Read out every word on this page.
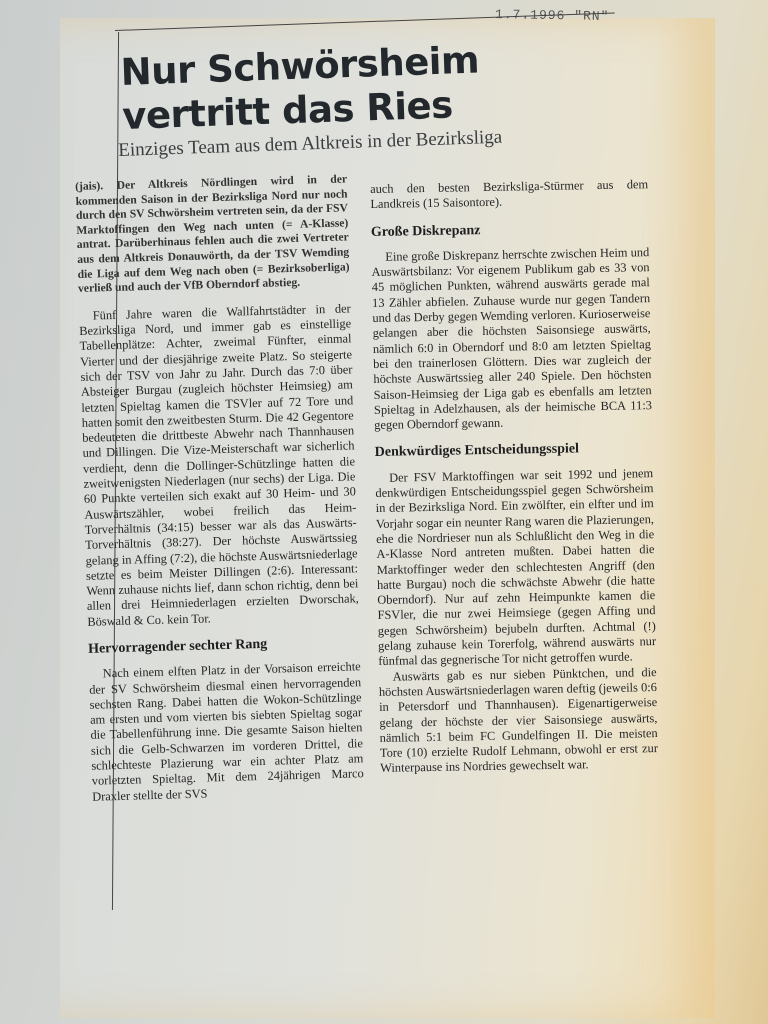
1.7.1996 "RN"
Nur Schwörsheim vertritt das Ries
Einziges Team aus dem Altkreis in der Bezirksliga

(jais). Der Altkreis Nördlingen wird in der kommenden Saison in der Bezirksliga Nord nur noch durch den SV Schwörsheim vertreten sein, da der FSV Marktoffingen den Weg nach unten (= A-Klasse) antrat. Darüberhinaus fehlen auch die zwei Vertreter aus dem Altkreis Donauwörth, da der TSV Wemding die Liga auf dem Weg nach oben (= Bezirksoberliga) verließ und auch der VfB Oberndorf abstieg.

Fünf Jahre waren die Wallfahrtstädter in der Bezirksliga Nord, und immer gab es einstellige Tabellenplätze: Achter, zweimal Fünfter, einmal Vierter und der diesjährige zweite Platz. So steigerte sich der TSV von Jahr zu Jahr. Durch das 7:0 über Absteiger Burgau (zugleich höchster Heimsieg) am letzten Spieltag kamen die TSVler auf 72 Tore und hatten somit den zweitbesten Sturm. Die 42 Gegentore bedeuteten die drittbeste Abwehr nach Thannhausen und Dillingen. Die Vize-Meisterschaft war sicherlich verdient, denn die Dollinger-Schützlinge hatten die zweitwenigsten Niederlagen (nur sechs) der Liga. Die 60 Punkte verteilen sich exakt auf 30 Heim- und 30 Auswärtszähler, wobei freilich das Heim-Torverhältnis (34:15) besser war als das Auswärts-Torverhältnis (38:27). Der höchste Auswärtssieg gelang in Affing (7:2), die höchste Auswärtsniederlage setzte es beim Meister Dillingen (2:6). Interessant: Wenn zuhause nichts lief, dann schon richtig, denn bei allen drei Heimniederlagen erzielten Dworschak, Böswald & Co. kein Tor.

Hervorragender sechter Rang

Nach einem elften Platz in der Vorsaison erreichte der SV Schwörsheim diesmal einen hervorragenden sechsten Rang. Dabei hatten die Wokon-Schützlinge am ersten und vom vierten bis siebten Spieltag sogar die Tabellenführung inne. Die gesamte Saison hielten sich die Gelb-Schwarzen im vorderen Drittel, die schlechteste Plazierung war ein achter Platz am vorletzten Spieltag. Mit dem 24jährigen Marco Draxler stellte der SVS

auch den besten Bezirksliga-Stürmer aus dem Landkreis (15 Saisontore).

Große Diskrepanz

Eine große Diskrepanz herrschte zwischen Heim und Auswärtsbilanz: Vor eigenem Publikum gab es 33 von 45 möglichen Punkten, während auswärts gerade mal 13 Zähler abfielen. Zuhause wurde nur gegen Tandern und das Derby gegen Wemding verloren. Kurioserweise gelangen aber die höchsten Saisonsiege auswärts, nämlich 6:0 in Oberndorf und 8:0 am letzten Spieltag bei den trainerlosen Glöttern. Dies war zugleich der höchste Auswärtssieg aller 240 Spiele. Den höchsten Saison-Heimsieg der Liga gab es ebenfalls am letzten Spieltag in Adelzhausen, als der heimische BCA 11:3 gegen Oberndorf gewann.

Denkwürdiges Entscheidungsspiel

Der FSV Marktoffingen war seit 1992 und jenem denkwürdigen Entscheidungsspiel gegen Schwörsheim in der Bezirksliga Nord. Ein zwölfter, ein elfter und im Vorjahr sogar ein neunter Rang waren die Plazierungen, ehe die Nordrieser nun als Schlußlicht den Weg in die A-Klasse Nord antreten mußten. Dabei hatten die Marktoffinger weder den schlechtesten Angriff (den hatte Burgau) noch die schwächste Abwehr (die hatte Oberndorf). Nur auf zehn Heimpunkte kamen die FSVler, die nur zwei Heimsiege (gegen Affing und gegen Schwörsheim) bejubeln durften. Achtmal (!) gelang zuhause kein Torerfolg, während auswärts nur fünfmal das gegnerische Tor nicht getroffen wurde.

Auswärts gab es nur sieben Pünktchen, und die höchsten Auswärtsniederlagen waren deftig (jeweils 0:6 in Petersdorf und Thannhausen). Eigenartigerweise gelang der höchste der vier Saisonsiege auswärts, nämlich 5:1 beim FC Gundelfingen II. Die meisten Tore (10) erzielte Rudolf Lehmann, obwohl er erst zur Winterpause ins Nordries gewechselt war.
